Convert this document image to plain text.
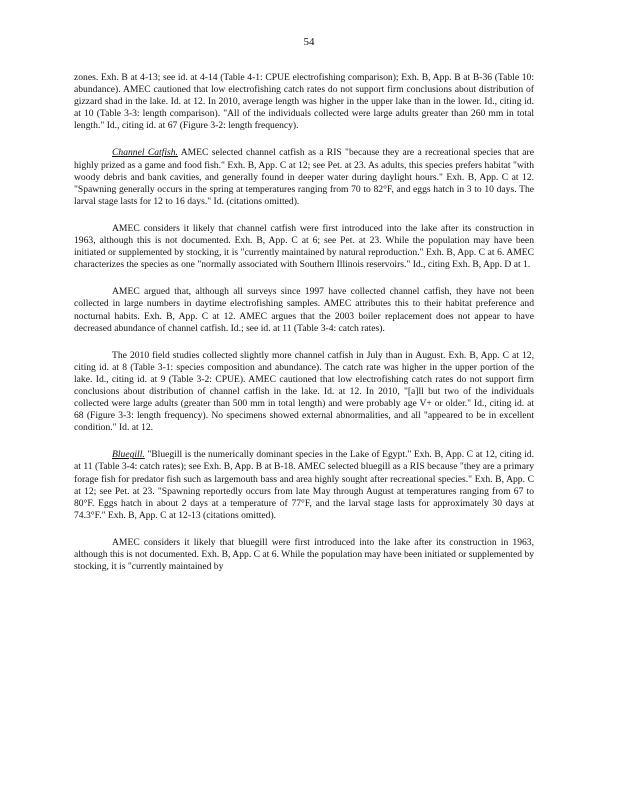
54

zones. Exh. B at 4-13; see id. at 4-14 (Table 4-1: CPUE electrofishing comparison); Exh. B, App. B at B-36 (Table 10: abundance). AMEC cautioned that low electrofishing catch rates do not support firm conclusions about distribution of gizzard shad in the lake. Id. at 12. In 2010, average length was higher in the upper lake than in the lower. Id., citing id. at 10 (Table 3-3: length comparison). "All of the individuals collected were large adults greater than 260 mm in total length." Id., citing id. at 67 (Figure 3-2: length frequency).

Channel Catfish. AMEC selected channel catfish as a RIS "because they are a recreational species that are highly prized as a game and food fish." Exh. B, App. C at 12; see Pet. at 23. As adults, this species prefers habitat "with woody debris and bank cavities, and generally found in deeper water during daylight hours." Exh. B, App. C at 12. "Spawning generally occurs in the spring at temperatures ranging from 70 to 82°F, and eggs hatch in 3 to 10 days. The larval stage lasts for 12 to 16 days." Id. (citations omitted).

AMEC considers it likely that channel catfish were first introduced into the lake after its construction in 1963, although this is not documented. Exh. B, App. C at 6; see Pet. at 23. While the population may have been initiated or supplemented by stocking, it is "currently maintained by natural reproduction." Exh. B, App. C at 6. AMEC characterizes the species as one "normally associated with Southern Illinois reservoirs." Id., citing Exh. B, App. D at 1.

AMEC argued that, although all surveys since 1997 have collected channel catfish, they have not been collected in large numbers in daytime electrofishing samples. AMEC attributes this to their habitat preference and nocturnal habits. Exh. B, App. C at 12. AMEC argues that the 2003 boiler replacement does not appear to have decreased abundance of channel catfish. Id.; see id. at 11 (Table 3-4: catch rates).

The 2010 field studies collected slightly more channel catfish in July than in August. Exh. B, App. C at 12, citing id. at 8 (Table 3-1: species composition and abundance). The catch rate was higher in the upper portion of the lake. Id., citing id. at 9 (Table 3-2: CPUE). AMEC cautioned that low electrofishing catch rates do not support firm conclusions about distribution of channel catfish in the lake. Id. at 12. In 2010, "[a]ll but two of the individuals collected were large adults (greater than 500 mm in total length) and were probably age V+ or older." Id., citing id. at 68 (Figure 3-3: length frequency). No specimens showed external abnormalities, and all "appeared to be in excellent condition." Id. at 12.

Bluegill. "Bluegill is the numerically dominant species in the Lake of Egypt." Exh. B, App. C at 12, citing id. at 11 (Table 3-4: catch rates); see Exh. B, App. B at B-18. AMEC selected bluegill as a RIS because "they are a primary forage fish for predator fish such as largemouth bass and area highly sought after recreational species." Exh. B, App. C at 12; see Pet. at 23. "Spawning reportedly occurs from late May through August at temperatures ranging from 67 to 80°F. Eggs hatch in about 2 days at a temperature of 77°F, and the larval stage lasts for approximately 30 days at 74.3°F." Exh. B, App. C at 12-13 (citations omitted).

AMEC considers it likely that bluegill were first introduced into the lake after its construction in 1963, although this is not documented. Exh. B, App. C at 6. While the population may have been initiated or supplemented by stocking, it is "currently maintained by
